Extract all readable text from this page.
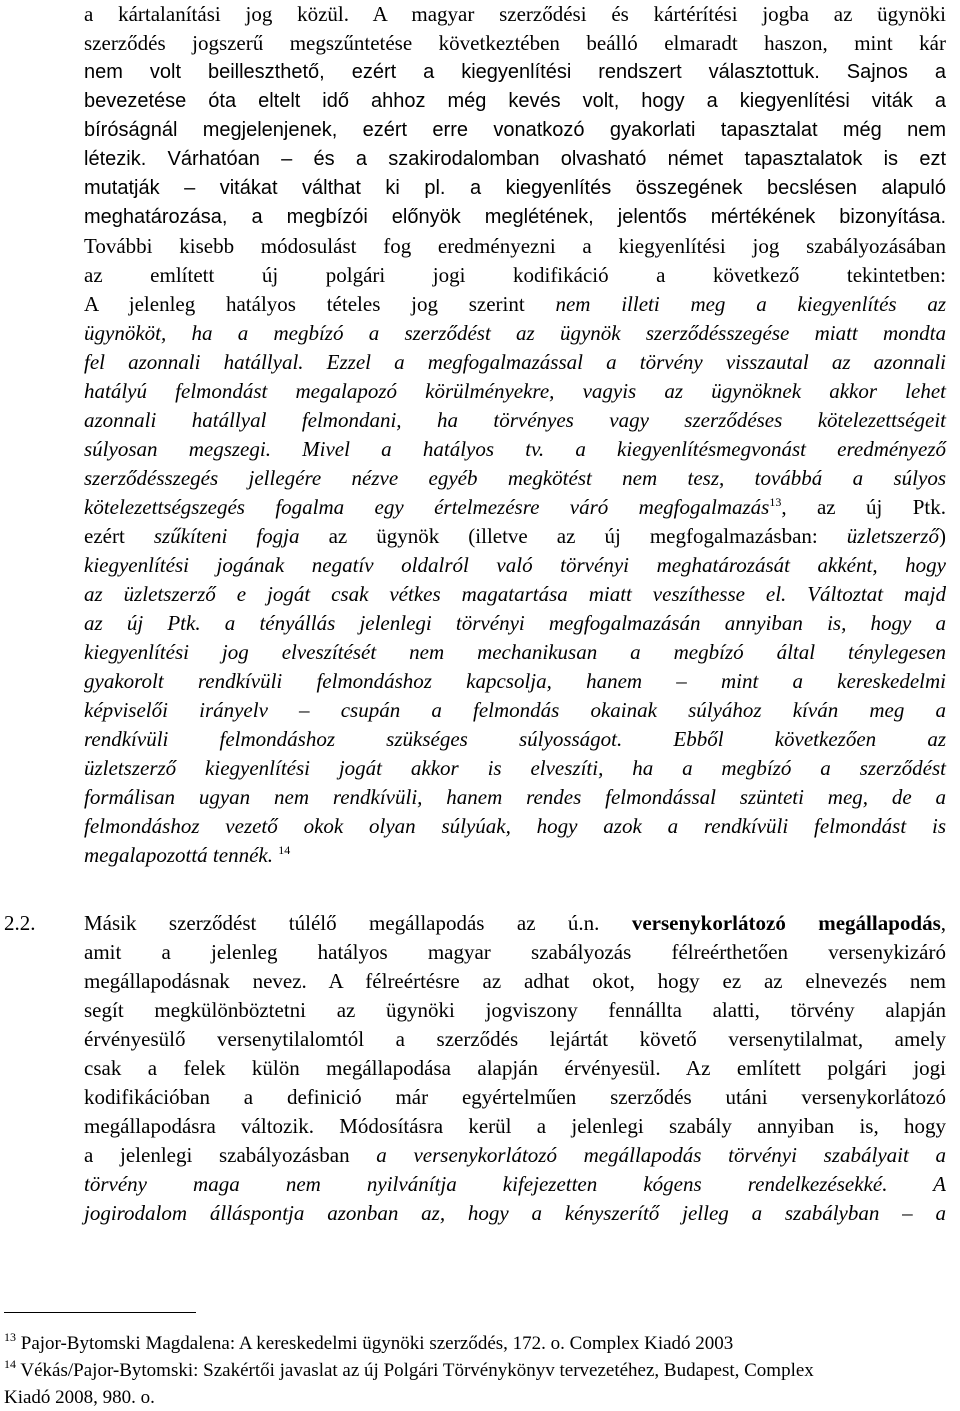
a kártalanítási jog közül. A magyar szerződési és kártérítési jogba az ügynöki
szerződés jogszerű megszűntetése következtében beálló elmaradt haszon, mint kár
nem volt beilleszthető, ezért a kiegyenlítési rendszert választottuk. Sajnos a
bevezetése óta eltelt idő ahhoz még kevés volt, hogy a kiegyenlítési viták a
bíróságnál megjelenjenek, ezért erre vonatkozó gyakorlati tapasztalat még nem
létezik. Várhatóan – és a szakirodalomban olvasható német tapasztalatok is ezt
mutatják – vitákat válthat ki pl. a kiegyenlítés összegének becslésen alapuló
meghatározása, a megbízói előnyök meglétének, jelentős mértékének bizonyítása.
További kisebb módosulást fog eredményezni a kiegyenlítési jog szabályozásában
az említett új polgári jogi kodifikáció a következő tekintetben:
A jelenleg hatályos tételes jog szerint nem illeti meg a kiegyenlítés az
ügynököt, ha a megbízó a szerződést az ügynök szerződésszegése miatt mondta
fel azonnali hatállyal. Ezzel a megfogalmazással a törvény visszautal az azonnali
hatályú felmondást megalapozó körülményekre, vagyis az ügynöknek akkor lehet
azonnali hatállyal felmondani, ha törvényes vagy szerződéses kötelezettségeit
súlyosan megszegi. Mivel a hatályos tv. a kiegyenlítésmegvonást eredményező
szerződésszegés jellegére nézve egyéb megkötést nem tesz, továbbá a súlyos
kötelezettségszegés fogalma egy értelmezésre váró megfogalmazás$^{13}$, az új Ptk.
ezért szűkíteni fogja az ügynök (illetve az új megfogalmazásban: üzletszerző)
kiegyenlítési jogának negatív oldalról való törvényi meghatározását akként, hogy
az üzletszerző e jogát csak vétkes magatartása miatt veszíthesse el. Változtat majd
az új Ptk. a tényállás jelenlegi törvényi megfogalmazásán annyiban is, hogy a
kiegyenlítési jog elveszítését nem mechanikusan a megbízó által ténylegesen
gyakorolt rendkívüli felmondáshoz kapcsolja, hanem – mint a kereskedelmi
képviselői irányelv – csupán a felmondás okainak súlyához kíván meg a
rendkívüli felmondáshoz szükséges súlyosságot. Ebből következően az
üzletszerző kiegyenlítési jogát akkor is elveszíti, ha a megbízó a szerződést
formálisan ugyan nem rendkívüli, hanem rendes felmondással szünteti meg, de a
felmondáshoz vezető okok olyan súlyúak, hogy azok a rendkívüli felmondást is
megalapozottá tennék. $^{14}$
2.2.	Másik szerződést túlélő megállapodás az ú.n. versenykorlátozó megállapodás,
amit a jelenleg hatályos magyar szabályozás félreérthetően versenykizáró
megállapodásnak nevez. A félreértésre az adhat okot, hogy ez az elnevezés nem
segít megkülönböztetni az ügynöki jogviszony fennállta alatti, törvény alapján
érvényesülő versenytilalomtól a szerződés lejártát követő versenytilalmat, amely
csak a felek külön megállapodása alapján érvényesül. Az említett polgári jogi
kodifikációban a definició már egyértelműen szerződés utáni versenykorlátozó
megállapodásra változik. Módosításra kerül a jelenlegi szabály annyiban is, hogy
a jelenlegi szabályozásban a versenykorlátozó megállapodás törvényi szabályait a
törvény maga nem nyilvánítja kifejezetten kógens rendelkezésekké. A
jogirodalom álláspontja azonban az, hogy a kényszerítő jelleg a szabályban – a
$^{13}$ Pajor-Bytomski Magdalena: A kereskedelmi ügynöki szerződés, 172. o. Complex Kiadó 2003
$^{14}$ Vékás/Pajor-Bytomski: Szakértői javaslat az új Polgári Törvénykönyv tervezetéhez, Budapest, Complex
Kiadó 2008, 980. o.
